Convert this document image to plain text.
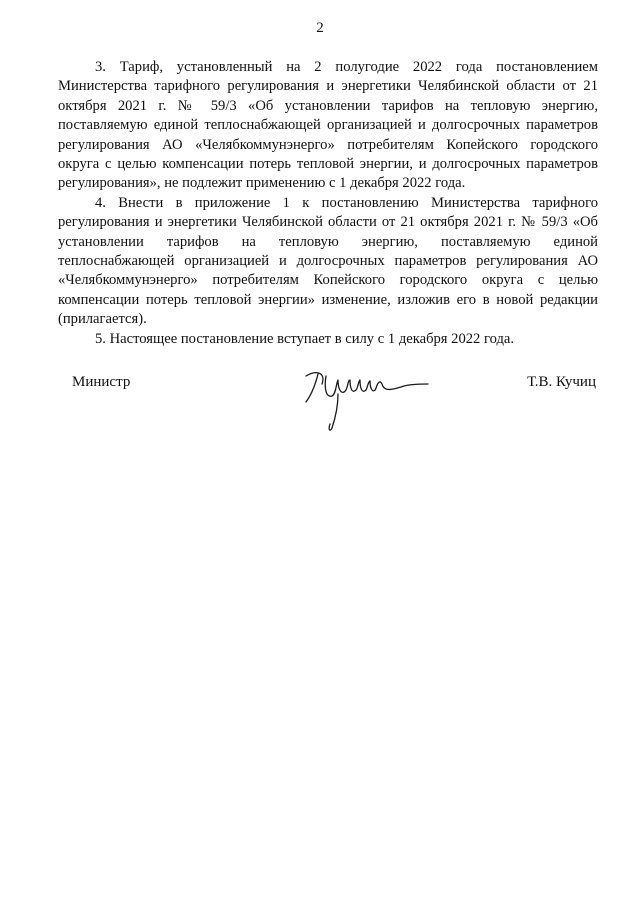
2

3. Тариф, установленный на 2 полугодие 2022 года постановлением Министерства тарифного регулирования и энергетики Челябинской области от 21 октября 2021 г. № 59/3 «Об установлении тарифов на тепловую энергию, поставляемую единой теплоснабжающей организацией и долгосрочных параметров регулирования АО «Челябкоммунэнерго» потребителям Копейского городского округа с целью компенсации потерь тепловой энергии, и долгосрочных параметров регулирования», не подлежит применению с 1 декабря 2022 года.

4. Внести в приложение 1 к постановлению Министерства тарифного регулирования и энергетики Челябинской области от 21 октября 2021 г. № 59/3 «Об установлении тарифов на тепловую энергию, поставляемую единой теплоснабжающей организацией и долгосрочных параметров регулирования АО «Челябкоммунэнерго» потребителям Копейского городского округа с целью компенсации потерь тепловой энергии» изменение, изложив его в новой редакции (прилагается).

5. Настоящее постановление вступает в силу с 1 декабря 2022 года.

Министр	Т.В. Кучиц
